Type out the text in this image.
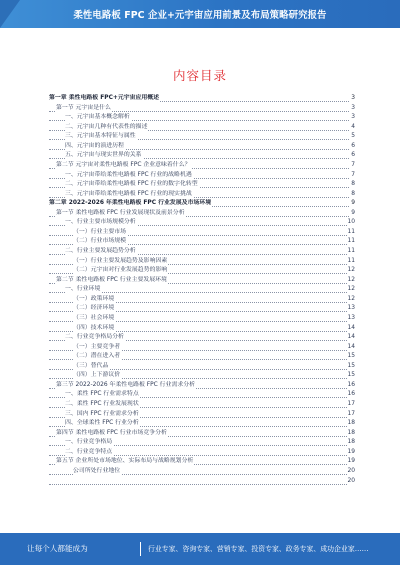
柔性电路板 FPC 企业+元宇宙应用前景及布局策略研究报告
内容目录
第一章 柔性电路板 FPC+元宇宙应用概述	3
第一节 元宇宙是什么	3
一、元宇宙基本概念解析	3
二、元宇宙几种有代表性的描述	4
三、元宇宙基本特征与属性	5
四、元宇宙的演进历程	6
五、元宇宙与现实世界的关系	6
第二节 元宇宙对柔性电路板 FPC 企业意味着什么？	7
一、元宇宙带给柔性电路板 FPC 行业的战略机遇	7
二、元宇宙带给柔性电路板 FPC 行业的数字化转型	8
三、元宇宙带给柔性电路板 FPC 行业的现实挑战	8
第二章 2022-2026 年柔性电路板 FPC 行业发展及市场环境	9
第一节 柔性电路板 FPC 行业发展现状及前景分析	9
一、行业主要市场规模分析	10
（一）行业主要市场	11
（二）行业市场规模	11
二、行业主要发展趋势分析	11
（一）行业主要发展趋势及影响因素	11
（二）元宇宙对行业发展趋势的影响	12
第二节 柔性电路板 FPC 行业主要发展环境	12
一、行业环境	12
（一）政策环境	12
（二）经济环境	13
（三）社会环境	13
（四）技术环境	14
二、行业竞争格局分析	14
（一）主要竞争者	14
（二）潜在进入者	15
（三）替代品	15
（四）上下游议价	15
第三节 2022-2026 年柔性电路板 FPC 行业需求分析	16
一、柔性 FPC 行业需求特点	16
二、柔性 FPC 行业发展现状	17
三、国内 FPC 行业需求分析	17
四、全球柔性 FPC 行业分析	18
第四节 柔性电路板 FPC 行业市场竞争分析	18
一、行业竞争格局	18
二、行业竞争特点	19
第五节 企业所处市场地位、实际布局与战略规划分析	19
公司所处行业地位	20
20
让每个人都能成为	行业专家、咨询专家、营销专家、投资专家、政务专家、成功企业家……
